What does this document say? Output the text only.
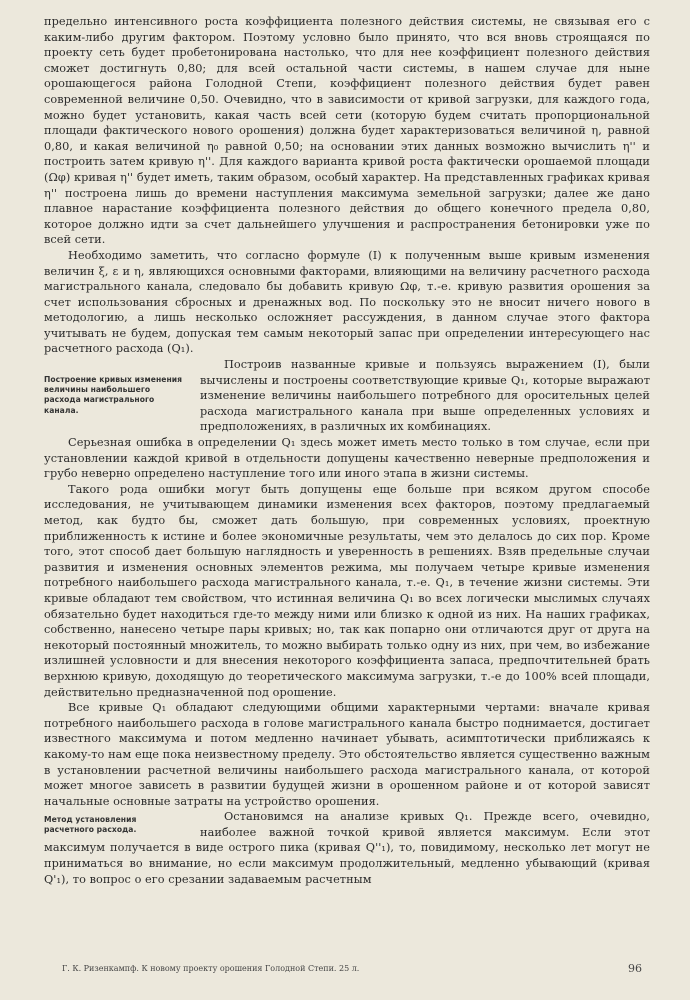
предельно интенсивного роста коэффициента полезного действия системы, не связывая его с каким-либо другим фактором. Поэтому условно было принято, что вся вновь строящаяся по проекту сеть будет пробетонирована настолько, что для нее коэффициент полезного действия сможет достигнуть 0,80; для всей остальной части системы, в нашем случае для ныне орошающегося района Голодной Степи, коэффициент полезного действия будет равен современной величине 0,50. Очевидно, что в зависимости от кривой загрузки, для каждого года, можно будет установить, какая часть всей сети (которую будем считать пропорциональной площади фактического нового орошения) должна будет характеризоваться величиной η, равной 0,80, и какая величиной η₀ равной 0,50; на основании этих данных возможно вычислить η'' и построить затем кривую η''. Для каждого варианта кривой роста фактически орошаемой площади (Ωφ) кривая η'' будет иметь, таким образом, особый характер. На представленных графиках кривая η'' построена лишь до времени наступления максимума земельной загрузки; далее же дано плавное нарастание коэффициента полезного действия до общего конечного предела 0,80, которое должно идти за счет дальнейшего улучшения и распространения бетонировки уже по всей сети.

Необходимо заметить, что согласно формуле (I) к полученным выше кривым изменения величин ξ, ε и η, являющихся основными факторами, влияющими на величину расчетного расхода магистрального канала, следовало бы добавить кривую Ωφ, т.-е. кривую развития орошения за счет использования сбросных и дренажных вод. По поскольку это не вносит ничего нового в методологию, а лишь несколько осложняет рассуждения, в данном случае этого фактора учитывать не будем, допуская тем самым некоторый запас при определении интересующего нас расчетного расхода (Q₁).

Построение кривых изменения величины наибольшего расхода магистрального канала.

Построив названные кривые и пользуясь выражением (I), были вычислены и построены соответствующие кривые Q₁, которые выражают изменение величины наибольшего потребного для оросительных целей расхода магистрального канала при выше определенных условиях и предположениях, в различных их комбинациях.

Серьезная ошибка в определении Q₁ здесь может иметь место только в том случае, если при установлении каждой кривой в отдельности допущены качественно неверные предположения и грубо неверно определено наступление того или иного этапа в жизни системы.

Такого рода ошибки могут быть допущены еще больше при всяком другом способе исследования, не учитывающем динамики изменения всех факторов, поэтому предлагаемый метод, как будто бы, сможет дать большую, при современных условиях, проектную приближенность к истине и более экономичные результаты, чем это делалось до сих пор. Кроме того, этот способ дает большую наглядность и уверенность в решениях. Взяв предельные случаи развития и изменения основных элементов режима, мы получаем четыре кривые изменения потребного наибольшего расхода магистрального канала, т.-е. Q₁, в течение жизни системы. Эти кривые обладают тем свойством, что истинная величина Q₁ во всех логически мыслимых случаях обязательно будет находиться где-то между ними или близко к одной из них. На наших графиках, собственно, нанесено четыре пары кривых; но, так как попарно они отличаются друг от друга на некоторый постоянный множитель, то можно выбирать только одну из них, при чем, во избежание излишней условности и для внесения некоторого коэффициента запаса, предпочтительней брать верхнюю кривую, доходящую до теоретического максимума загрузки, т.-е до 100% всей площади, действительно предназначенной под орошение.

Все кривые Q₁ обладают следующими общими характерными чертами: вначале кривая потребного наибольшего расхода в голове магистрального канала быстро поднимается, достигает известного максимума и потом медленно начинает убывать, асимптотически приближаясь к какому-то нам еще пока неизвестному пределу. Это обстоятельство является существенно важным в установлении расчетной величины наибольшего расхода магистрального канала, от которой может многое зависеть в развитии будущей жизни в орошенном районе и от которой зависят начальные основные затраты на устройство орошения.

Метод установления расчетного расхода.

Остановимся на анализе кривых Q₁. Прежде всего, очевидно, наиболее важной точкой кривой является максимум. Если этот максимум получается в виде острого пика (кривая Q''₁), то, повидимому, несколько лет могут не приниматься во внимание, но если максимум продолжительный, медленно убывающий (кривая Q'₁), то вопрос о его срезании задаваемым расчетным

Г. К. Ризенкампф. К новому проекту орошения Голодной Степи. 25 л.	96
